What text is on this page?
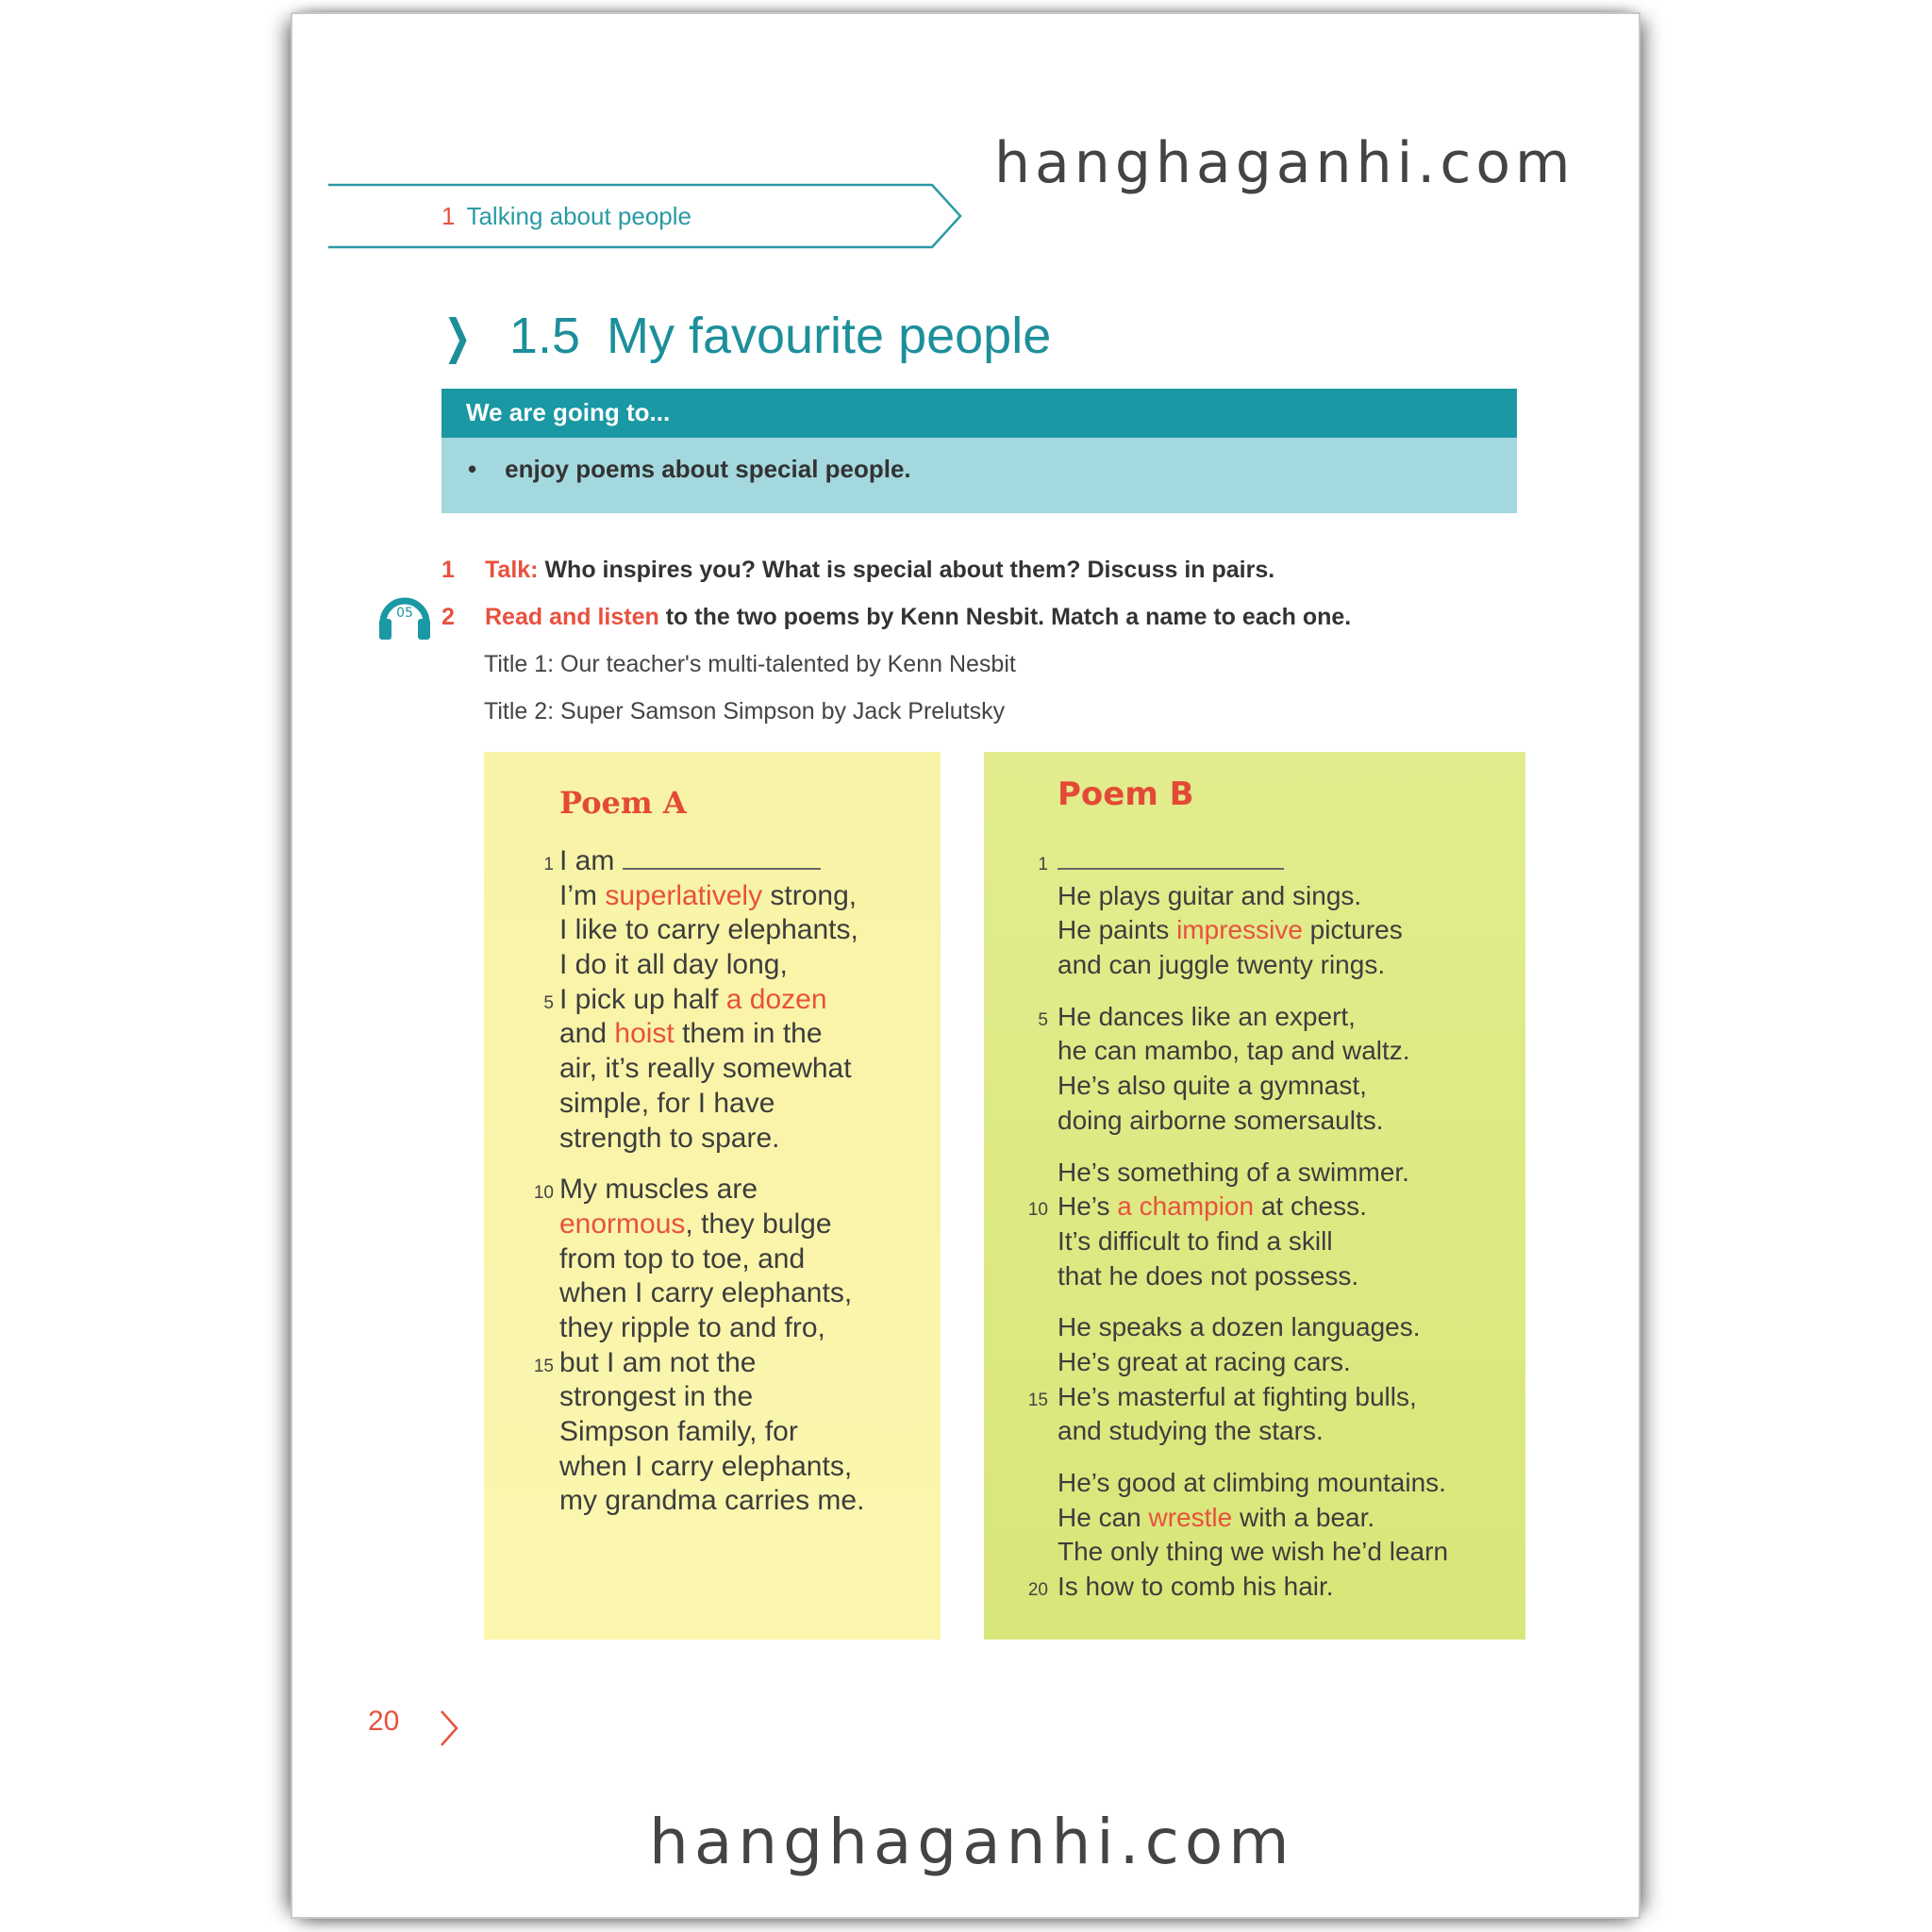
hanghaganhi.com
1 Talking about people
❯ 1.5 My favourite people
We are going to...
• enjoy poems about special people.
1 Talk: Who inspires you? What is special about them? Discuss in pairs.
05 2 Read and listen to the two poems by Kenn Nesbit. Match a name to each one.
Title 1: Our teacher's multi-talented by Kenn Nesbit
Title 2: Super Samson Simpson by Jack Prelutsky
Poem A
1 I am
I’m superlatively strong,
I like to carry elephants,
I do it all day long,
5 I pick up half a dozen
and hoist them in the
air, it’s really somewhat
simple, for I have
strength to spare.
10 My muscles are
enormous, they bulge
from top to toe, and
when I carry elephants,
they ripple to and fro,
15 but I am not the
strongest in the
Simpson family, for
when I carry elephants,
my grandma carries me.
Poem B
1
He plays guitar and sings.
He paints impressive pictures
and can juggle twenty rings.
5 He dances like an expert,
he can mambo, tap and waltz.
He’s also quite a gymnast,
doing airborne somersaults.
He’s something of a swimmer.
10 He’s a champion at chess.
It’s difficult to find a skill
that he does not possess.
He speaks a dozen languages.
He’s great at racing cars.
15 He’s masterful at fighting bulls,
and studying the stars.
He’s good at climbing mountains.
He can wrestle with a bear.
The only thing we wish he’d learn
20 Is how to comb his hair.
20
hanghaganhi.com
